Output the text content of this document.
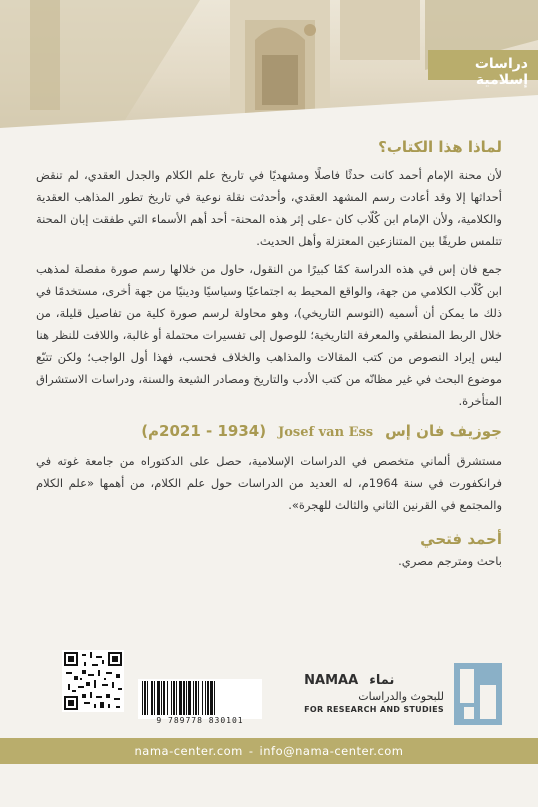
دراسات إسلامية
لماذا هذا الكتاب؟

لأن محنة الإمام أحمد كانت حدثًا فاصلًا ومشهديًا في تاريخ علم الكلام والجدل العقدي، لم تنقض أحداثها إلا وقد أعادت رسم المشهد العقدي، وأحدثت نقلة نوعية في تاريخ تطور المذاهب العقدية والكلامية، ولأن الإمام ابن كُلّاب كان -على إثر هذه المحنة- أحد أهم الأسماء التي طفقت إبان المحنة تتلمس طريقًا بين المتنازعين المعتزلة وأهل الحديث.

جمع فان إس في هذه الدراسة كمًا كبيرًا من النقول، حاول من خلالها رسم صورة مفصلة لمذهب ابن كُلّاب الكلامي من جهة، والواقع المحيط به اجتماعيًا وسياسيًا ودينيًا من جهة أخرى، مستخدمًا في ذلك ما يمكن أن أسميه (التوسم التاريخي)، وهو محاولة لرسم صورة كلية من تفاصيل قليلة، من خلال الربط المنطقي والمعرفة التاريخية؛ للوصول إلى تفسيرات محتملة أو غالبة، واللافت للنظر هنا ليس إيراد النصوص من كتب المقالات والمذاهب والخلاف فحسب، فهذا أول الواجب؛ ولكن تتبّع موضوع البحث في غير مظانّه من كتب الأدب والتاريخ ومصادر الشيعة والسنة، ودراسات الاستشراق المتأخرة.

جوزيف فان إس
Josef van Ess
(1934 - 2021م)

مستشرق ألماني متخصص في الدراسات الإسلامية، حصل على الدكتوراه من جامعة غوته في فرانكفورت في سنة 1964م، له العديد من الدراسات حول علم الكلام، من أهمها «علم الكلام والمجتمع في القرنين الثاني والثالث للهجرة».

أحمد فتحي

باحث ومترجم مصري.

9 789778 830101
NAMAA نماء
للبحوث والدراسات
FOR RESEARCH AND STUDIES
nama-center.com - info@nama-center.com
